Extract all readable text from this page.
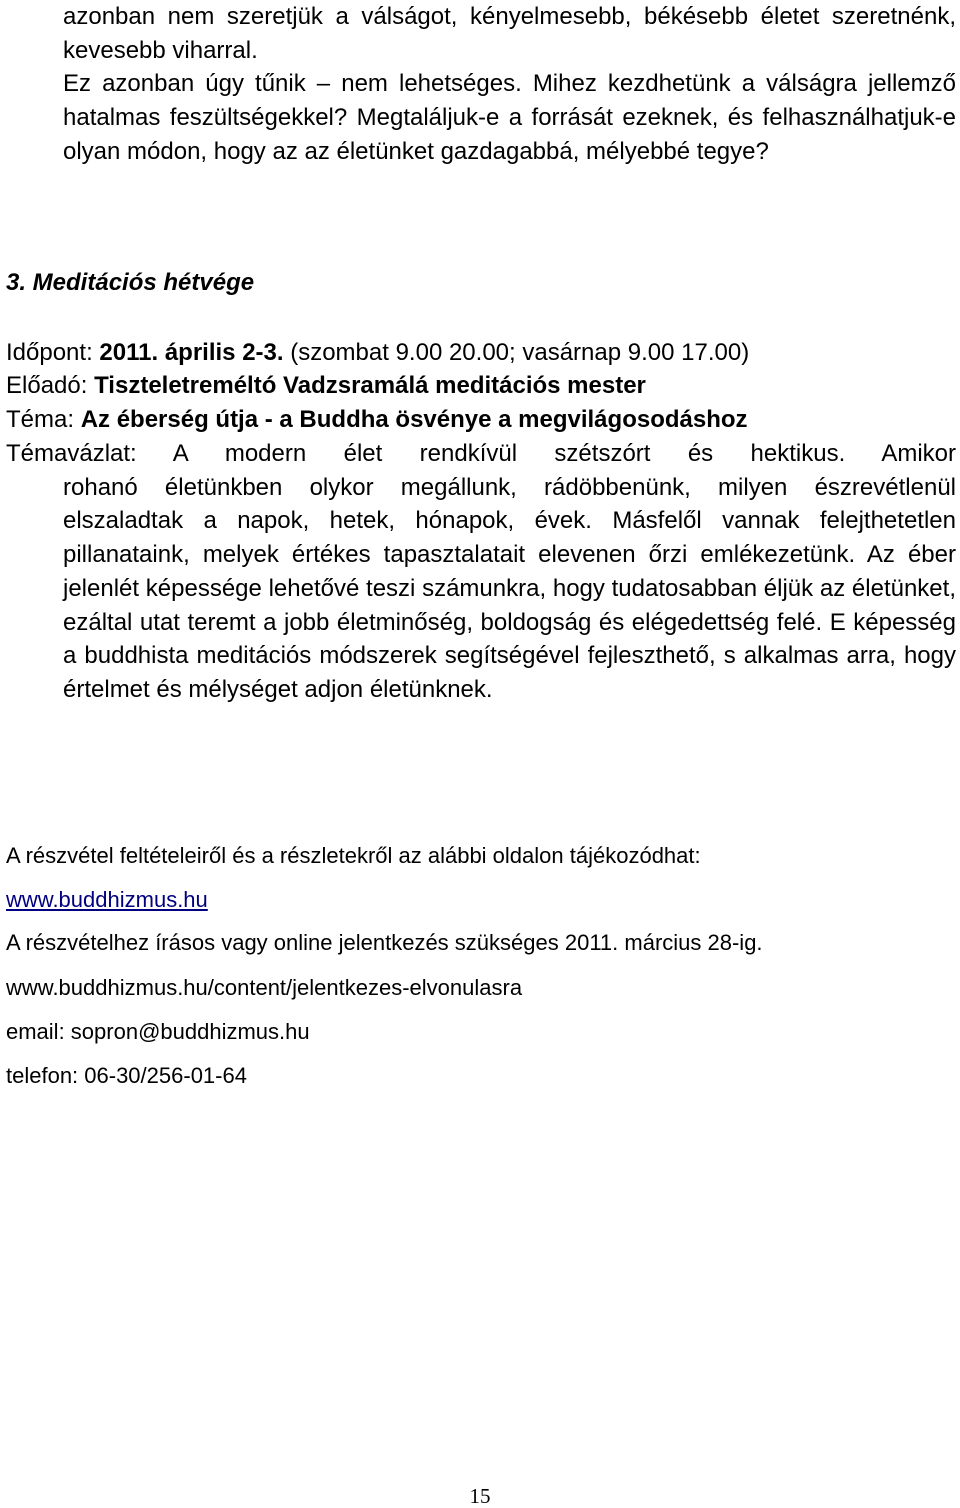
azonban nem szeretjük a válságot, kényelmesebb, békésebb életet szeretnénk, kevesebb viharral.
Ez azonban úgy tűnik – nem lehetséges. Mihez kezdhetünk a válságra jellemző hatalmas feszültségekkel? Megtaláljuk-e a forrását ezeknek, és felhasználhatjuk-e olyan módon, hogy az az életünket gazdagabbá, mélyebbé tegye?
3. Meditációs hétvége
Időpont: 2011. április 2-3. (szombat 9.00 20.00; vasárnap 9.00 17.00)
Előadó: Tiszteletreméltó Vadzsramálá meditációs mester
Téma: Az éberség útja - a Buddha ösvénye a megvilágosodáshoz
Témavázlat: A modern élet rendkívül szétszórt és hektikus. Amikor
rohanó életünkben olykor megállunk, rádöbbenünk, milyen észrevétlenül elszaladtak a napok, hetek, hónapok, évek. Másfelől vannak felejthetetlen pillanataink, melyek értékes tapasztalatait elevenen őrzi emlékezetünk. Az éber jelenlét képessége lehetővé teszi számunkra, hogy tudatosabban éljük az életünket, ezáltal utat teremt a jobb életminőség, boldogság és elégedettség felé. E képesség a buddhista meditációs módszerek segítségével fejleszthető, s alkalmas arra, hogy értelmet és mélységet adjon életünknek.
A részvétel feltételeiről és a részletekről az alábbi oldalon tájékozódhat:
www.buddhizmus.hu
A részvételhez írásos vagy online jelentkezés szükséges 2011. március 28-ig.
www.buddhizmus.hu/content/jelentkezes-elvonulasra
email: sopron@buddhizmus.hu
telefon: 06-30/256-01-64
15
